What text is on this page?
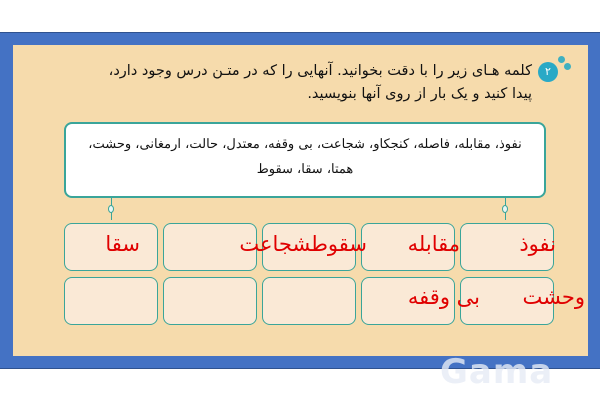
۲
کلمه هـای زیر را با دقت بخوانید. آنهایی را که در متـن درس وجود دارد،
پیدا کنید و یک بار از روی آنها بنویسید.
نفوذ، مقابله، فاصله، کنجکاو، شجاعت، بی وقفه، معتدل، حالت، ارمغانی، وحشت،
همتا، سقا، سقوط
نفوذ
مقابله
سقوطشجاعت
سقا
وحشت
بی وقفه
Gama
